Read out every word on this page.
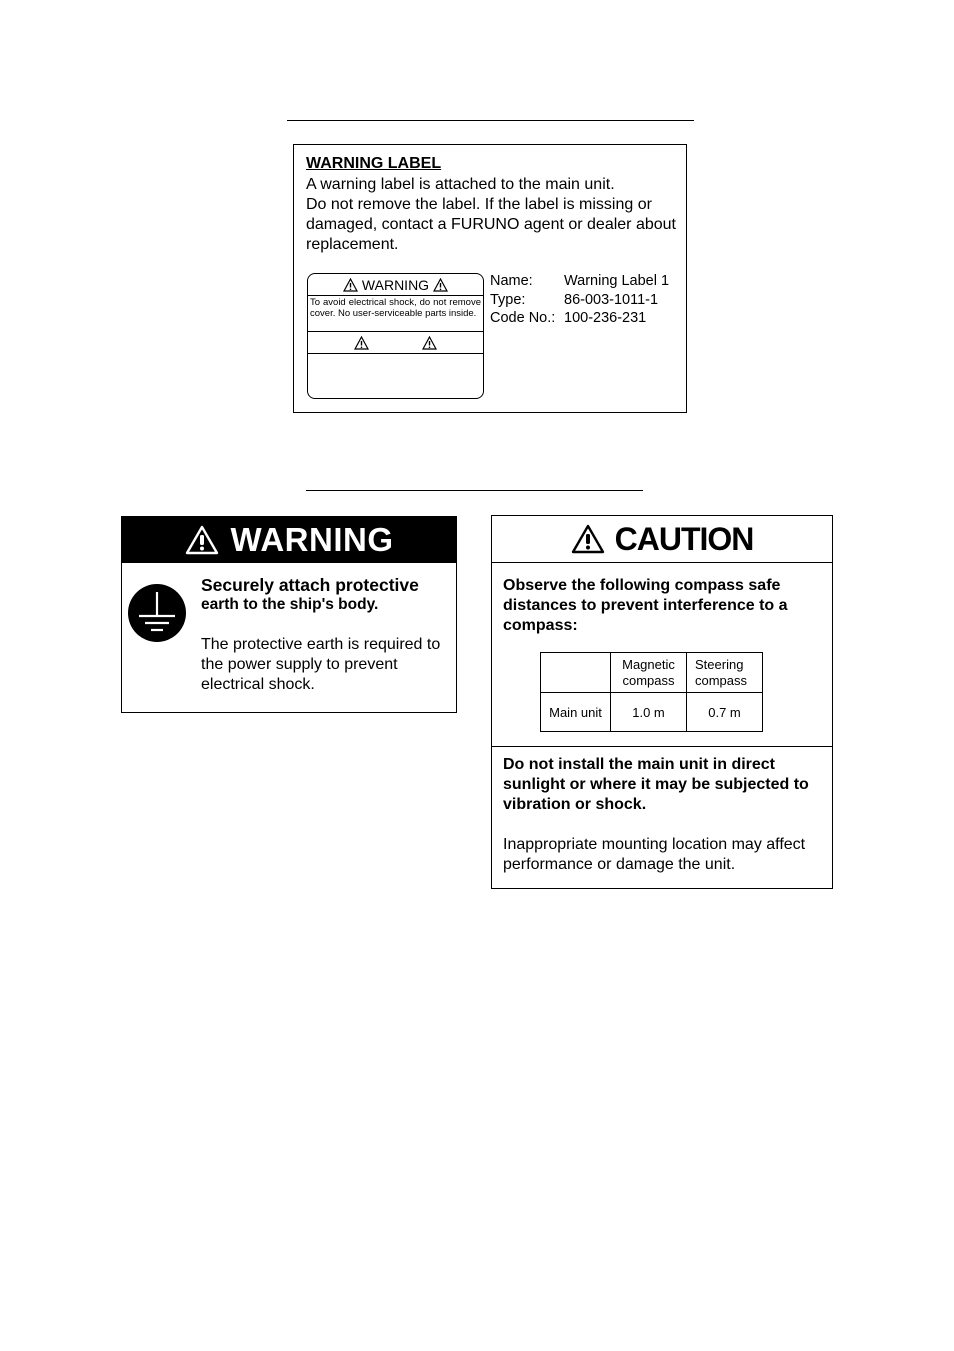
WARNING LABEL

A warning label is attached to the main unit.

Do not remove the label. If the label is missing or damaged, contact a FURUNO agent or dealer about replacement.

WARNING
To avoid electrical shock, do not remove cover. No user-serviceable parts inside.
Name:	Warning Label 1
Type:	86-003-1011-1
Code No.: 100-236-231
WARNING
Securely attach protective
earth to the ship's body.
The protective earth is required to the power supply to prevent electrical shock.
CAUTION
Observe the following compass safe distances to prevent interference to a compass:
	Magnetic compass	Steering compass
Main unit	1.0 m	0.7 m
Do not install the main unit in direct sunlight or where it may be subjected to vibration or shock.
Inappropriate mounting location may affect performance or damage the unit.
